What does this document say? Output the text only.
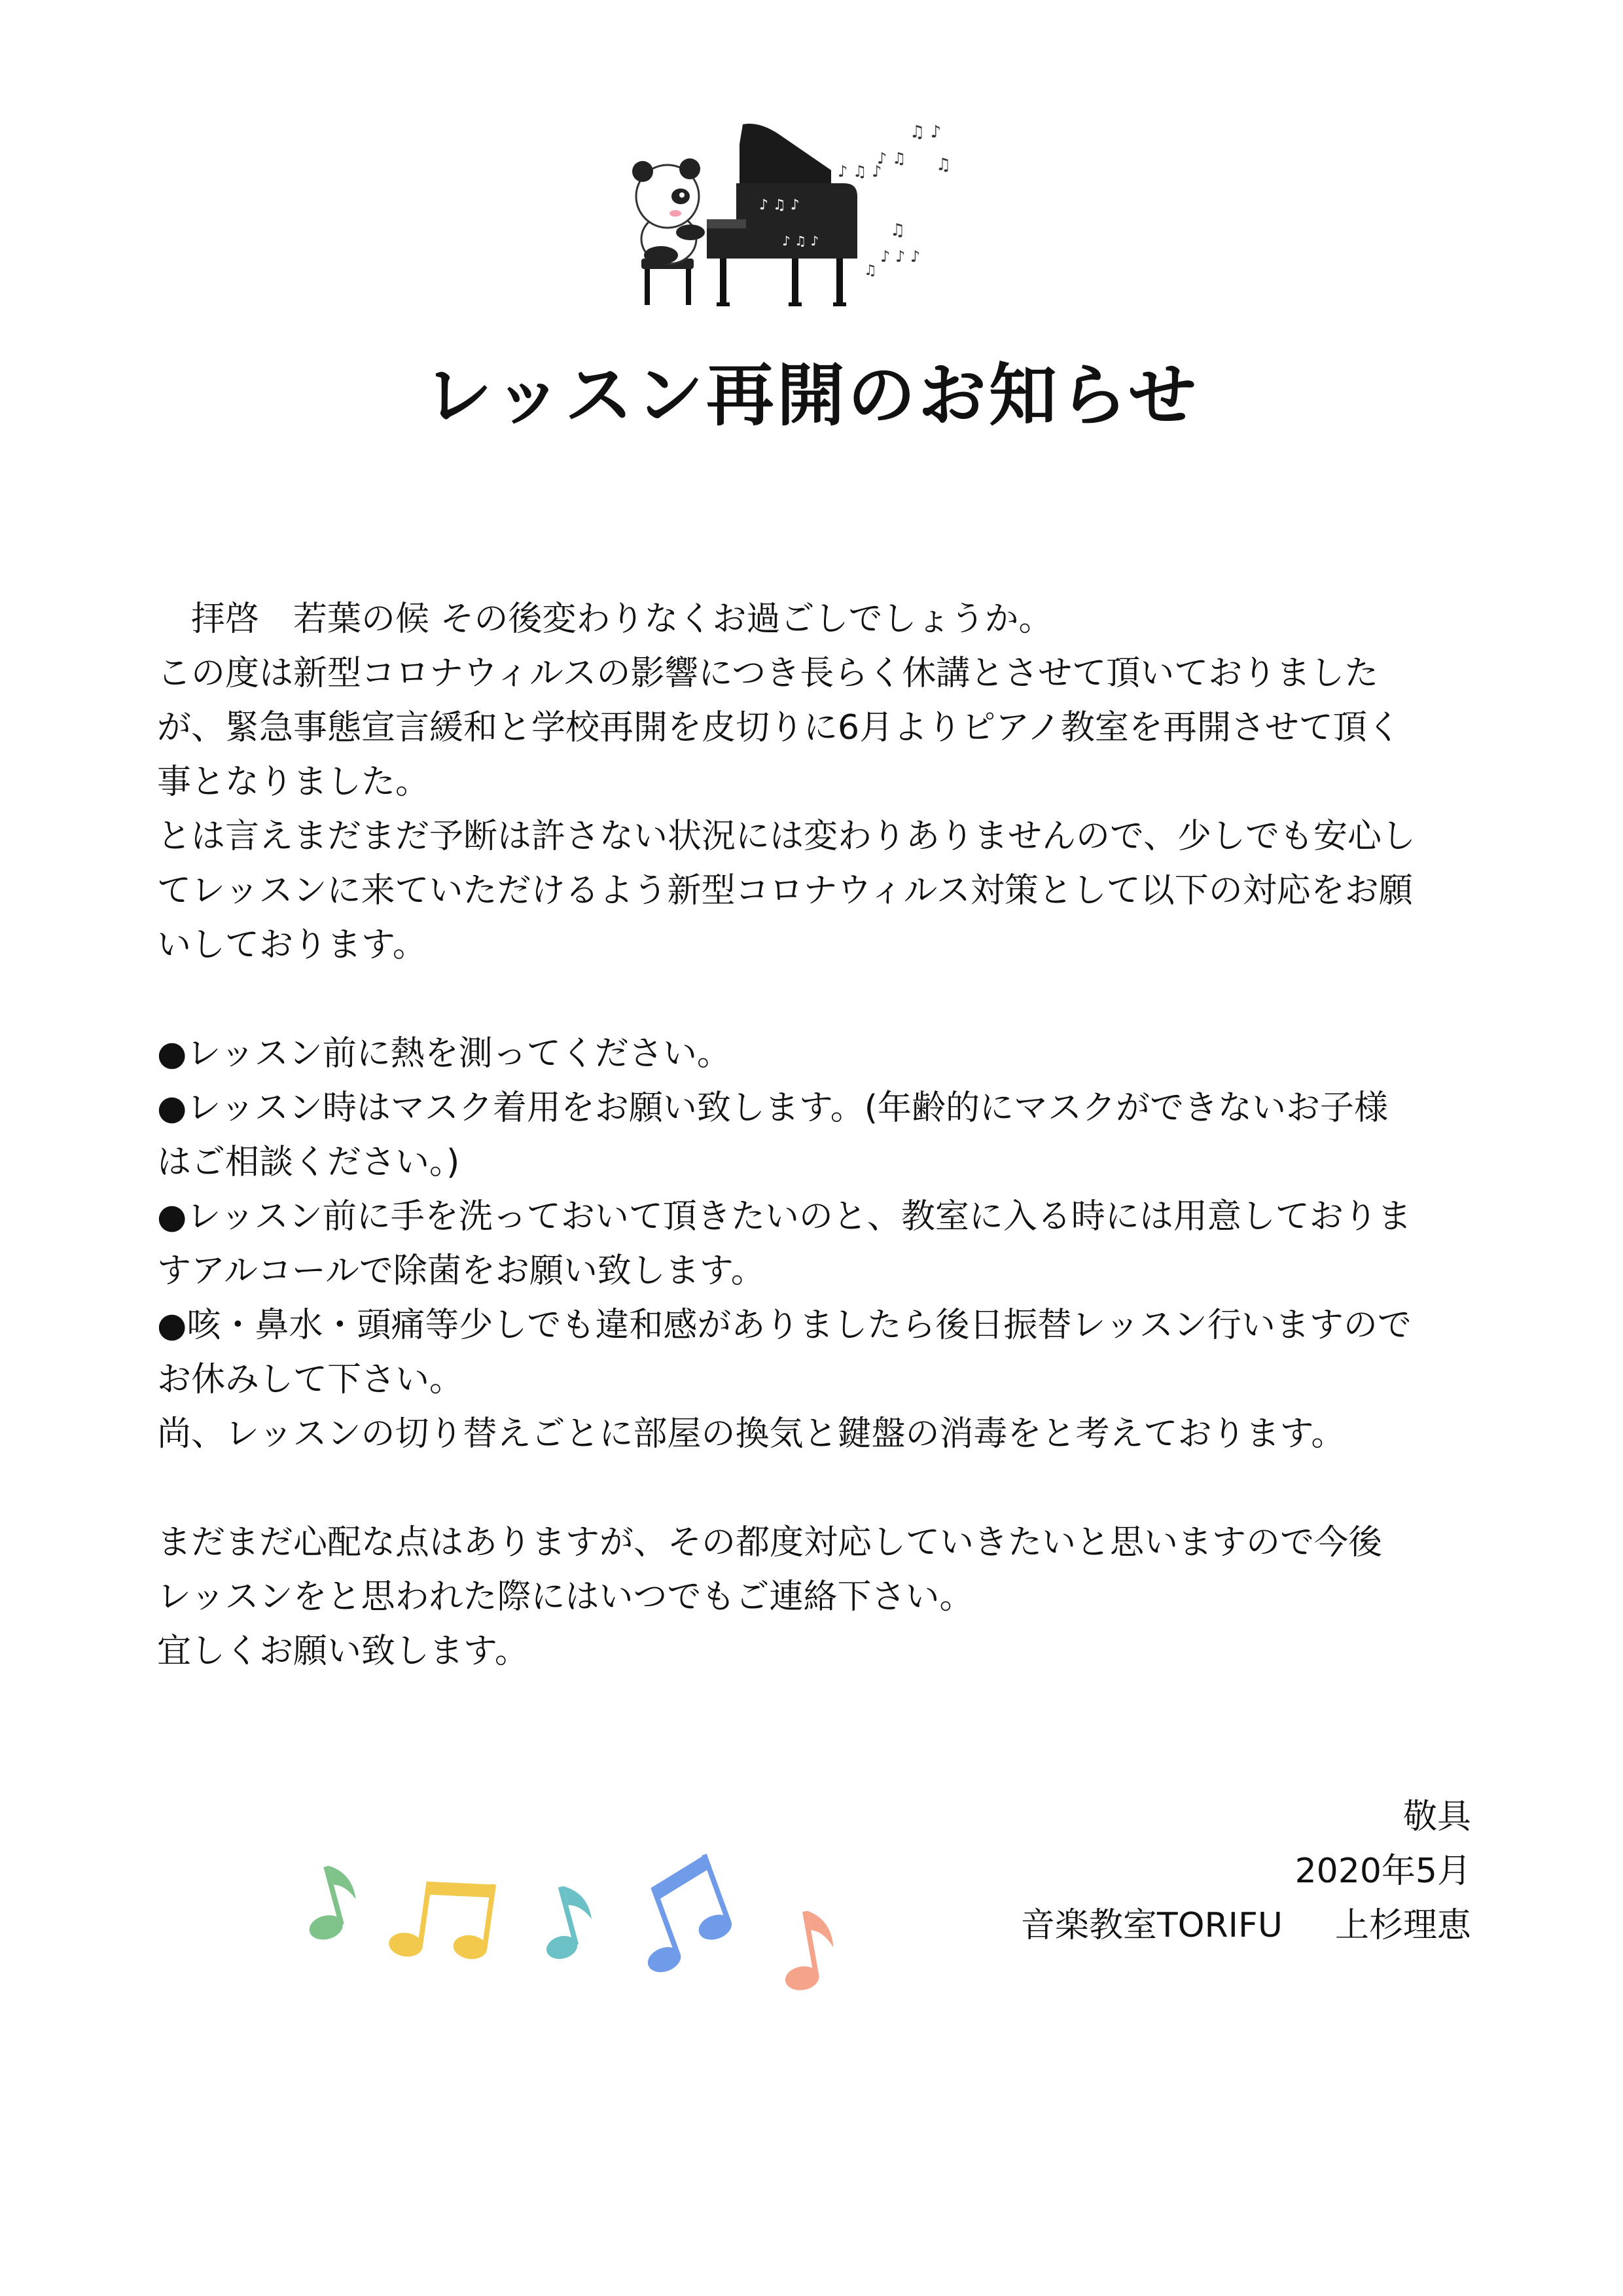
♪ ♫ ♪
♪ ♫ ♪
♪ ♫ ♪
♫ ♪
♫
♪ ♫
♫
♪ ♪ ♪
♫
レッスン再開のお知らせ
　拝啓　若葉の候 その後変わりなくお過ごしでしょうか。
この度は新型コロナウィルスの影響につき長らく休講とさせて頂いておりました
が、緊急事態宣言緩和と学校再開を皮切りに6月よりピアノ教室を再開させて頂く
事となりました。
とは言えまだまだ予断は許さない状況には変わりありませんので、少しでも安心し
てレッスンに来ていただけるよう新型コロナウィルス対策として以下の対応をお願
いしております。
●レッスン前に熱を測ってください。
●レッスン時はマスク着用をお願い致します。(年齢的にマスクができないお子様
はご相談ください。)
●レッスン前に手を洗っておいて頂きたいのと、教室に入る時には用意しておりま
すアルコールで除菌をお願い致します。
●咳・鼻水・頭痛等少しでも違和感がありましたら後日振替レッスン行いますので
お休みして下さい。
尚、レッスンの切り替えごとに部屋の換気と鍵盤の消毒をと考えております。
まだまだ心配な点はありますが、その都度対応していきたいと思いますので今後
レッスンをと思われた際にはいつでもご連絡下さい。
宜しくお願い致します。
敬具
2020年5月
音楽教室TORIFU 上杉理恵
